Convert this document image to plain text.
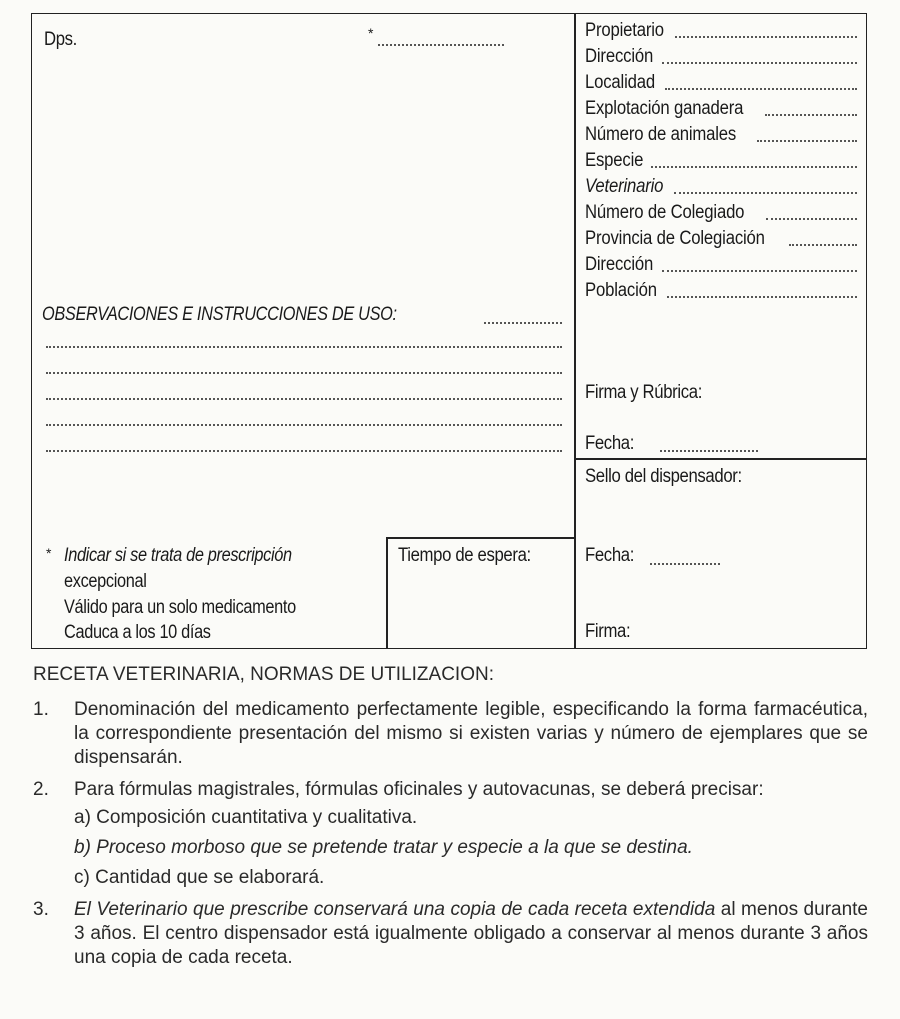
Dps.	*	Propietario
Dirección
Localidad
Explotación ganadera
Número de animales
Especie
Veterinario
Número de Colegiado
Provincia de Colegiación
Dirección
Población
OBSERVACIONES E INSTRUCCIONES DE USO:
Firma y Rúbrica:
Fecha:
Sello del dispensador:
Fecha:
Firma:
* Indicar si se trata de prescripción
excepcional
Válido para un solo medicamento
Caduca a los 10 días
Tiempo de espera:
RECETA VETERINARIA, NORMAS DE UTILIZACION:
1. Denominación del medicamento perfectamente legible, especificando la forma farmacéutica, la correspondiente presentación del mismo si existen varias y número de ejemplares que se dispensarán.
2. Para fórmulas magistrales, fórmulas oficinales y autovacunas, se deberá precisar:
a) Composición cuantitativa y cualitativa.
b) Proceso morboso que se pretende tratar y especie a la que se destina.
c) Cantidad que se elaborará.
3. El Veterinario que prescribe conservará una copia de cada receta extendida al menos durante 3 años. El centro dispensador está igualmente obligado a conservar al menos durante 3 años una copia de cada receta.
